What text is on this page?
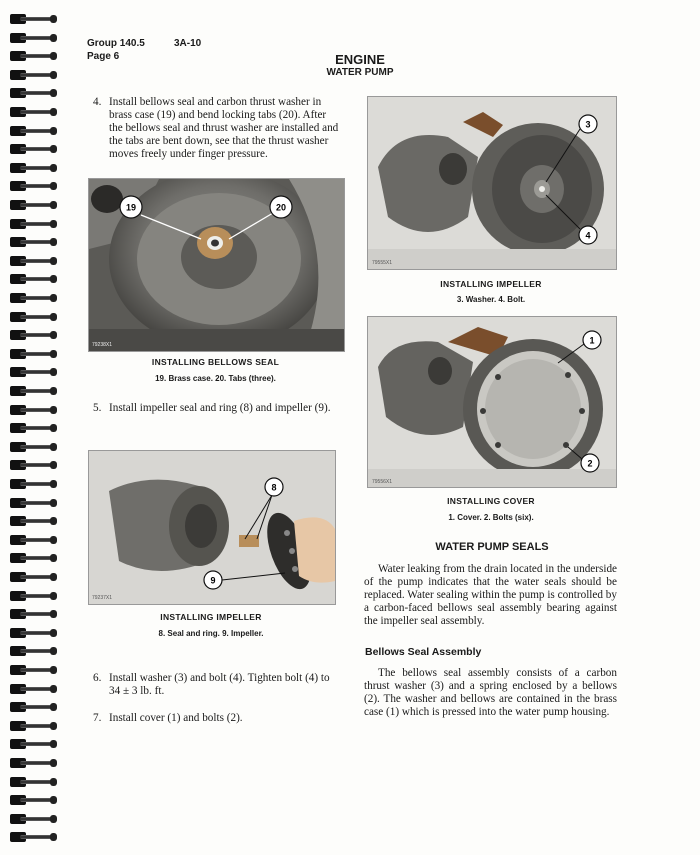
Group 140.5	3A-10
Page 6	ENGINE
WATER PUMP
4. Install bellows seal and carbon thrust washer in brass case (19) and bend locking tabs (20). After the bellows seal and thrust washer are installed and the tabs are bent down, see that the thrust washer moves freely under finger pressure.
79238X1
19	20
INSTALLING BELLOWS SEAL
19. Brass case. 20. Tabs (three).
5. Install impeller seal and ring (8) and impeller (9).
79237X1
8
9
INSTALLING IMPELLER
8. Seal and ring. 9. Impeller.
6. Install washer (3) and bolt (4). Tighten bolt (4) to 34 ± 3 lb. ft.
7. Install cover (1) and bolts (2).
79555X1
3
4
INSTALLING IMPELLER
3. Washer. 4. Bolt.
79556X1
1
2
INSTALLING COVER
1. Cover. 2. Bolts (six).
WATER PUMP SEALS
Water leaking from the drain located in the underside of the pump indicates that the water seals should be replaced. Water sealing within the pump is controlled by a carbon-faced bellows seal assembly bearing against the impeller seal assembly.
Bellows Seal Assembly
The bellows seal assembly consists of a carbon thrust washer (3) and a spring enclosed by a bellows (2). The washer and bellows are contained in the brass case (1) which is pressed into the water pump housing.
